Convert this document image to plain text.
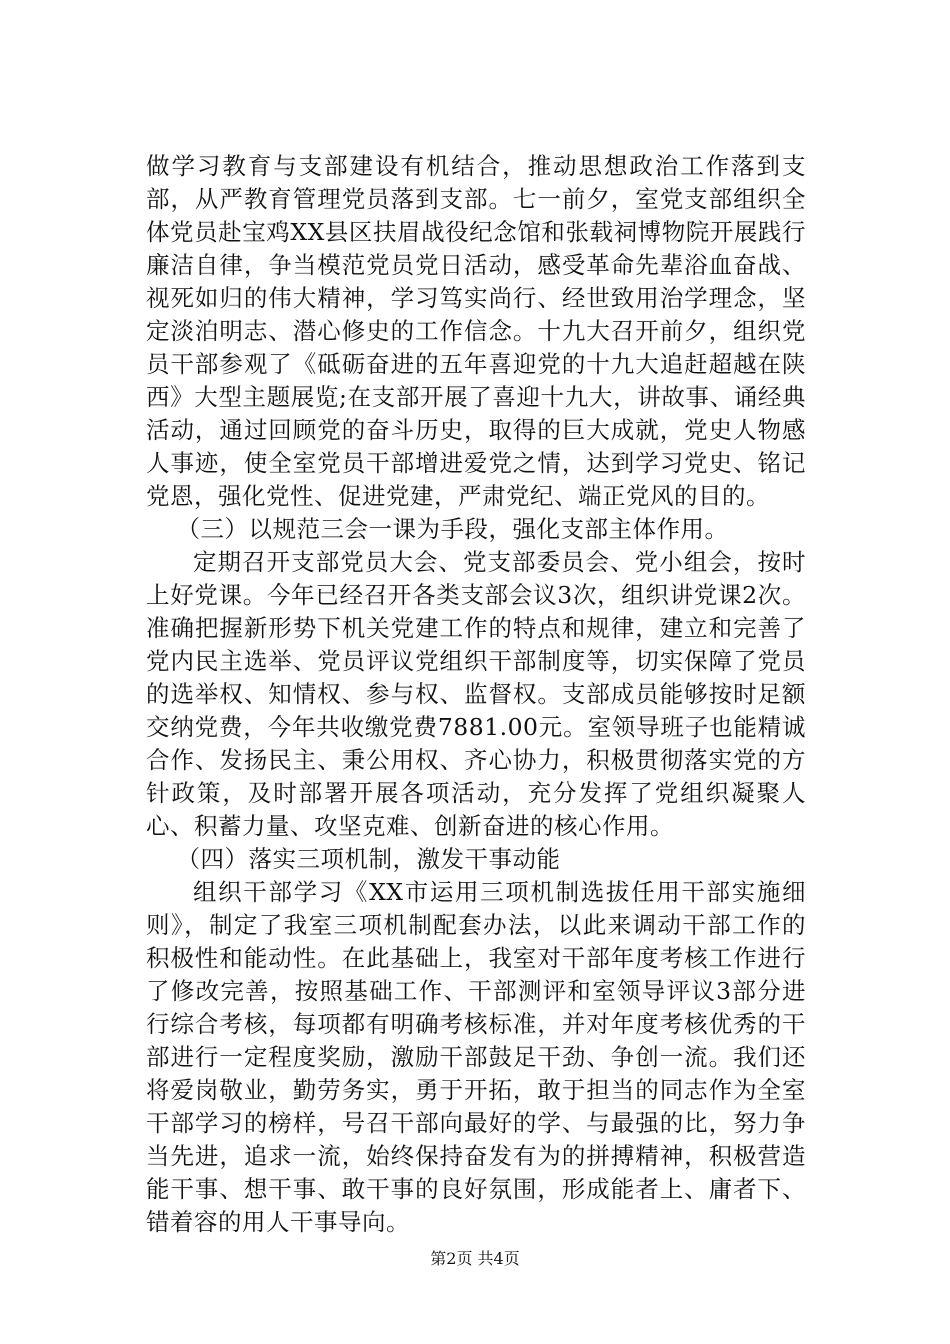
做学习教育与支部建设有机结合，推动思想政治工作落到支部，从严教育管理党员落到支部。七一前夕，室党支部组织全体党员赴宝鸡XX县区扶眉战役纪念馆和张载祠博物院开展践行廉洁自律，争当模范党员党日活动，感受革命先辈浴血奋战、视死如归的伟大精神，学习笃实尚行、经世致用治学理念，坚定淡泊明志、潜心修史的工作信念。十九大召开前夕，组织党员干部参观了《砥砺奋进的五年喜迎党的十九大追赶超越在陕西》大型主题展览;在支部开展了喜迎十九大，讲故事、诵经典活动，通过回顾党的奋斗历史，取得的巨大成就，党史人物感人事迹，使全室党员干部增进爱党之情，达到学习党史、铭记党恩，强化党性、促进党建，严肃党纪、端正党风的目的。

（三）以规范三会一课为手段，强化支部主体作用。

定期召开支部党员大会、党支部委员会、党小组会，按时上好党课。今年已经召开各类支部会议3次，组织讲党课2次。准确把握新形势下机关党建工作的特点和规律，建立和完善了党内民主选举、党员评议党组织干部制度等，切实保障了党员的选举权、知情权、参与权、监督权。支部成员能够按时足额交纳党费，今年共收缴党费7881.00元。室领导班子也能精诚合作、发扬民主、秉公用权、齐心协力，积极贯彻落实党的方针政策，及时部署开展各项活动，充分发挥了党组织凝聚人心、积蓄力量、攻坚克难、创新奋进的核心作用。

（四）落实三项机制，激发干事动能

组织干部学习《XX市运用三项机制选拔任用干部实施细则》，制定了我室三项机制配套办法，以此来调动干部工作的积极性和能动性。在此基础上，我室对干部年度考核工作进行了修改完善，按照基础工作、干部测评和室领导评议3部分进行综合考核，每项都有明确考核标准，并对年度考核优秀的干部进行一定程度奖励，激励干部鼓足干劲、争创一流。我们还将爱岗敬业，勤劳务实，勇于开拓，敢于担当的同志作为全室干部学习的榜样，号召干部向最好的学、与最强的比，努力争当先进，追求一流，始终保持奋发有为的拼搏精神，积极营造能干事、想干事、敢干事的良好氛围，形成能者上、庸者下、错着容的用人干事导向。

第2页 共4页
